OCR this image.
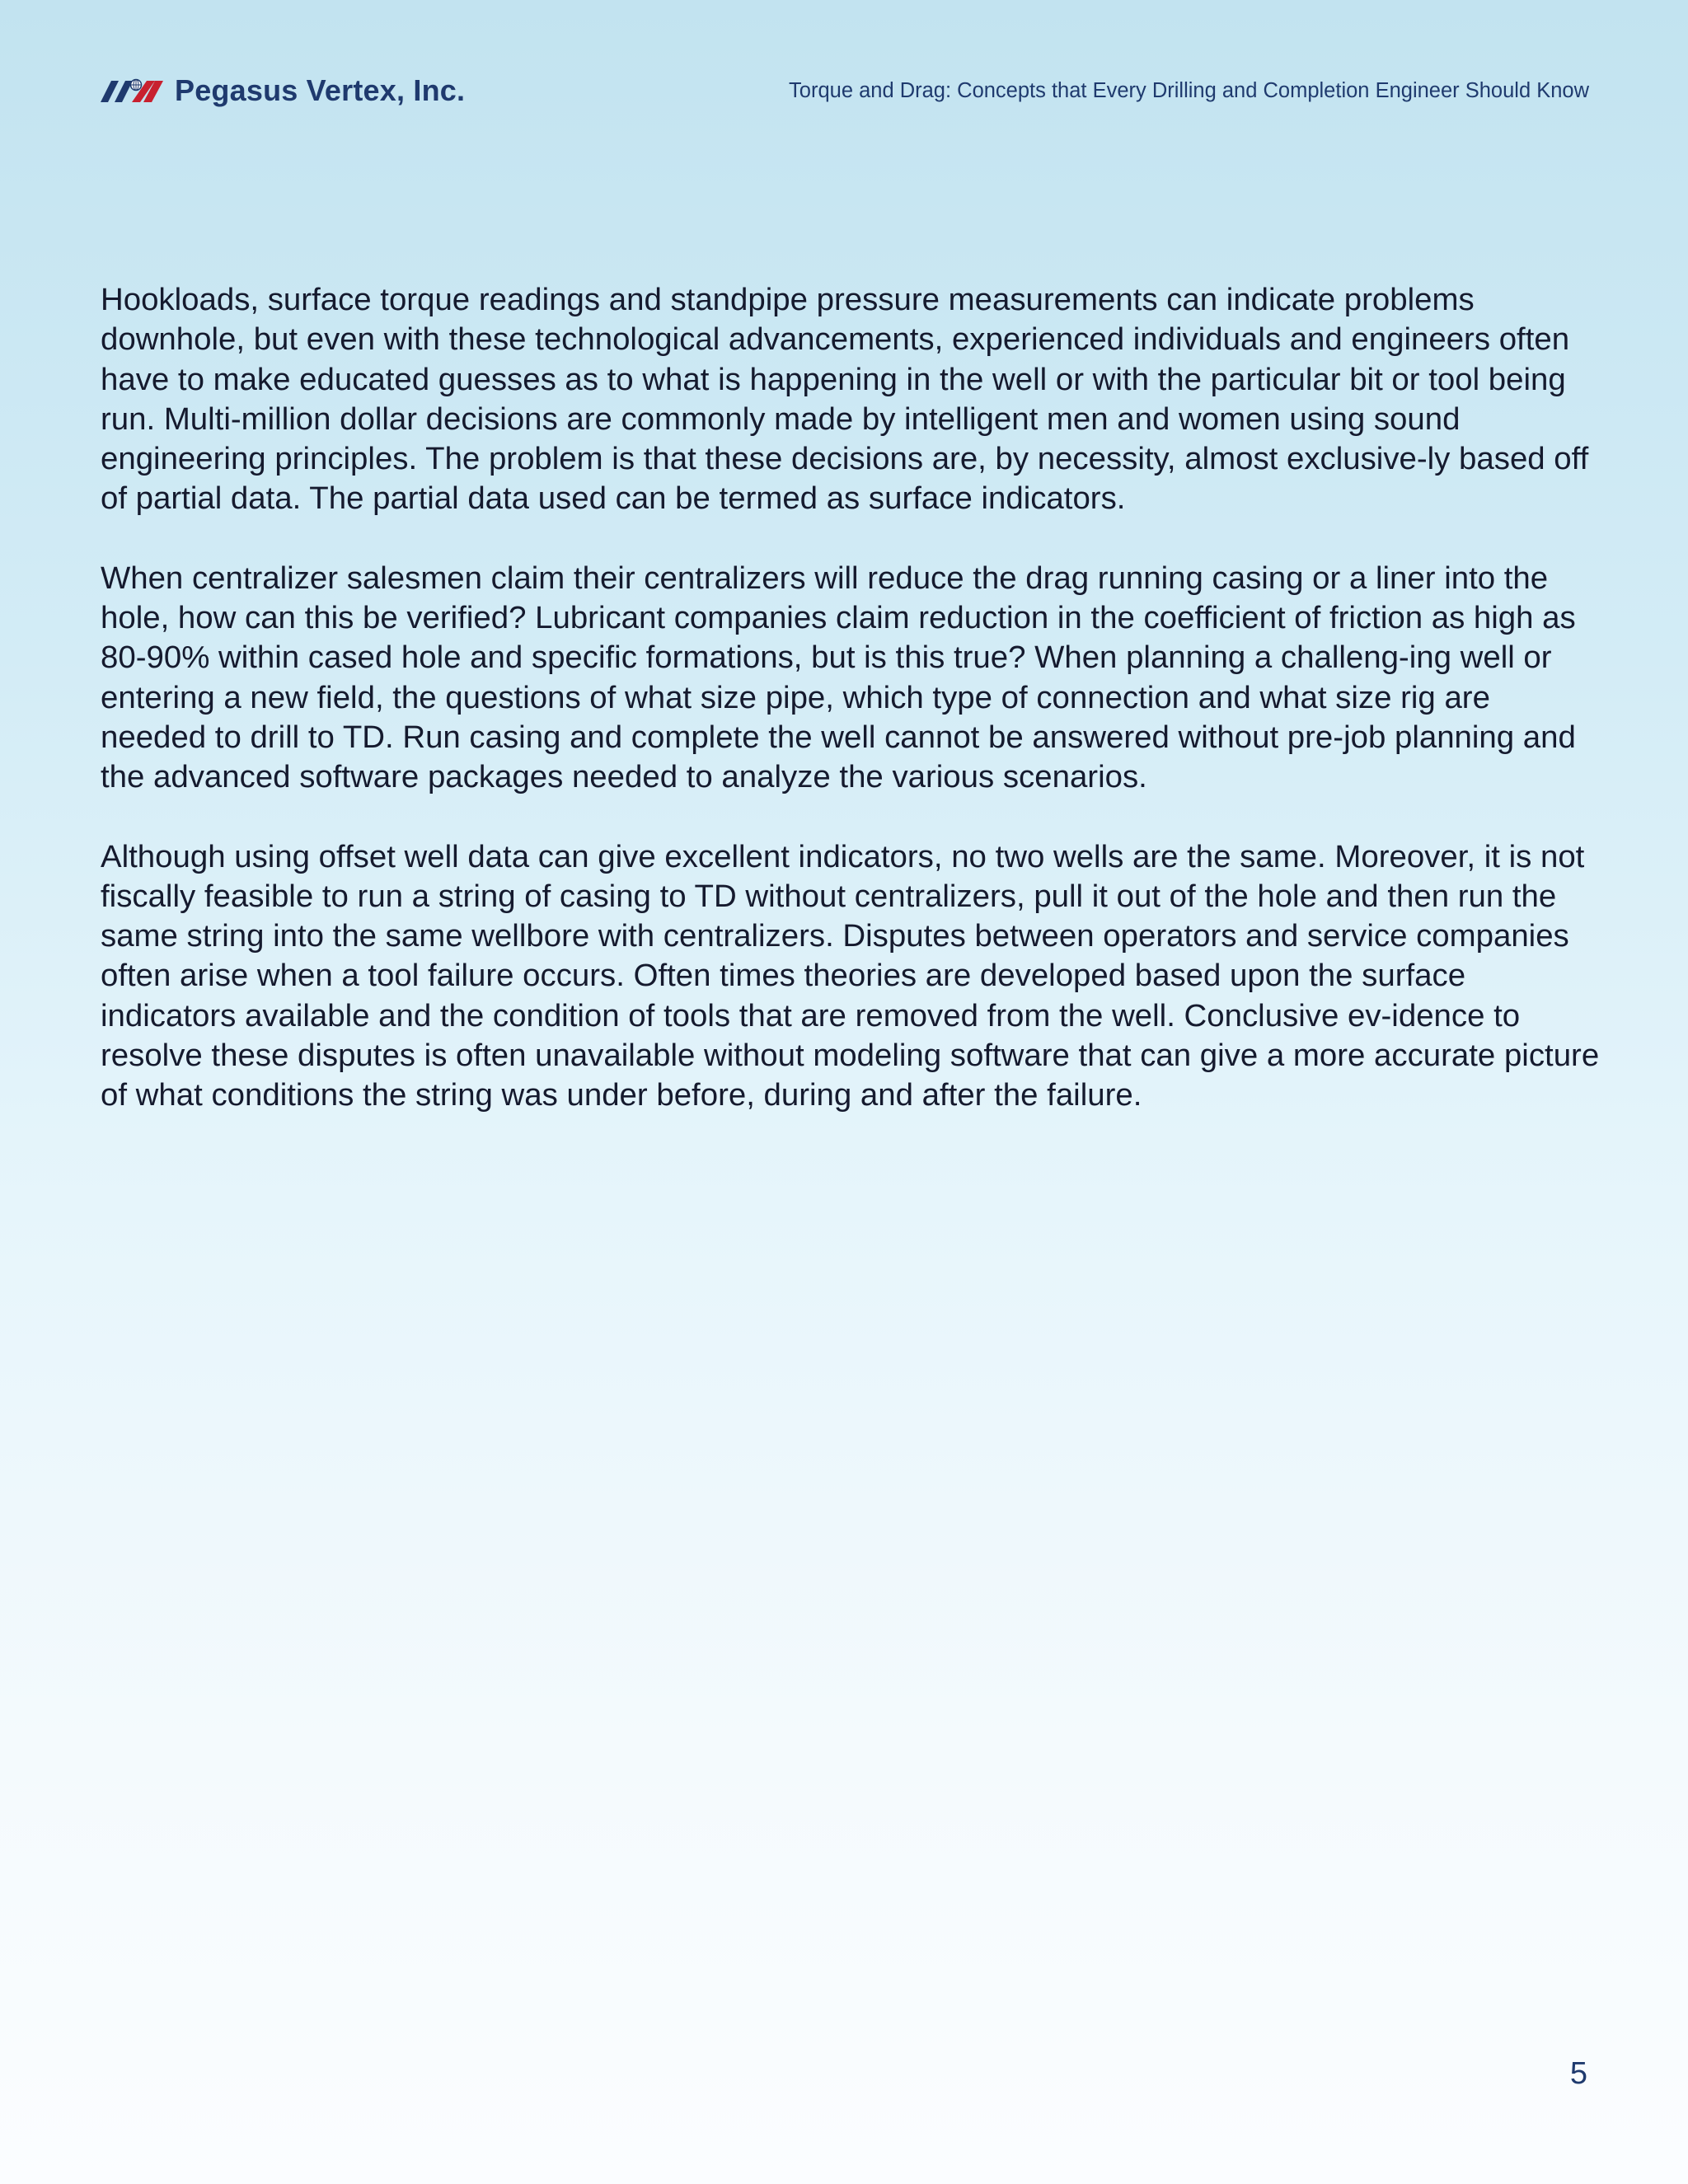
Pegasus Vertex, Inc.	Torque and Drag: Concepts that Every Drilling and Completion Engineer Should Know

Hookloads, surface torque readings and standpipe pressure measurements can indicate problems downhole, but even with these technological advancements, experienced individuals and engineers often have to make educated guesses as to what is happening in the well or with the particular bit or tool being run. Multi-million dollar decisions are commonly made by intelligent men and women using sound engineering principles. The problem is that these decisions are, by necessity, almost exclusive-ly based off of partial data. The partial data used can be termed as surface indicators.

When centralizer salesmen claim their centralizers will reduce the drag running casing or a liner into the hole, how can this be verified? Lubricant companies claim reduction in the coefficient of friction as high as 80-90% within cased hole and specific formations, but is this true? When planning a challeng-ing well or entering a new field, the questions of what size pipe, which type of connection and what size rig are needed to drill to TD. Run casing and complete the well cannot be answered without pre-job planning and the advanced software packages needed to analyze the various scenarios.

Although using offset well data can give excellent indicators, no two wells are the same. Moreover, it is not fiscally feasible to run a string of casing to TD without centralizers, pull it out of the hole and then run the same string into the same wellbore with centralizers. Disputes between operators and service companies often arise when a tool failure occurs. Often times theories are developed based upon the surface indicators available and the condition of tools that are removed from the well. Conclusive ev-idence to resolve these disputes is often unavailable without modeling software that can give a more accurate picture of what conditions the string was under before, during and after the failure.

5
